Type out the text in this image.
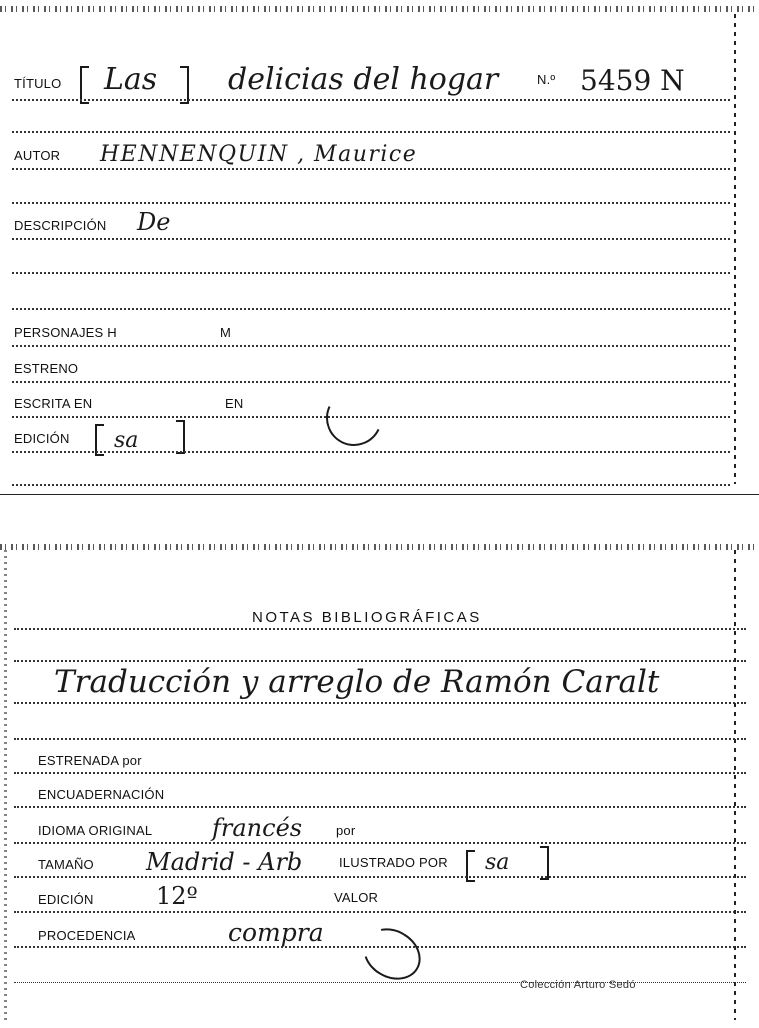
TÍTULO Las delicias del hogar	N.º 5459 N
AUTOR HENNENQUIN , Maurice
DESCRIPCIÓN De
PERSONAJES H	M
ESTRENO
ESCRITA EN	EN
EDICIÓN sa
NOTAS BIBLIOGRÁFICAS
Traducción y arreglo de Ramón Caralt
ESTRENADA por
ENCUADERNACIÓN
IDIOMA ORIGINAL francés	por
TAMAÑO Madrid - Arb	ILUSTRADO POR sa
EDICIÓN	12º	VALOR
PROCEDENCIA	compra
Colección Arturo Sedó
